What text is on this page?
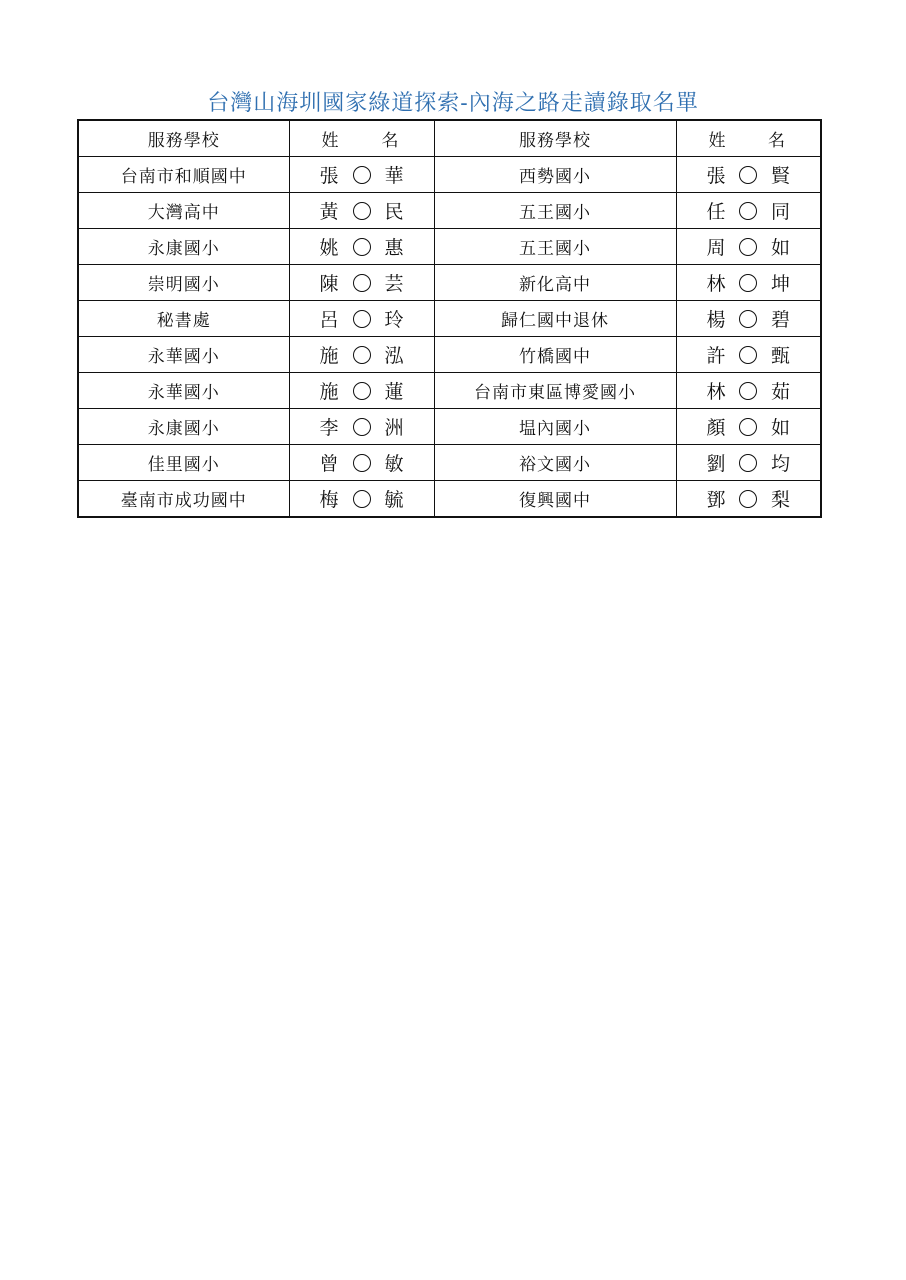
台灣山海圳國家綠道探索-內海之路走讀錄取名單
服務學校	姓 名	服務學校	姓 名

台南市和順國中	張 華	西勢國小	張 賢

大灣高中	黃 民	五王國小	任 同

永康國小	姚 惠	五王國小	周 如

崇明國小	陳 芸	新化高中	林 坤

秘書處	呂 玲	歸仁國中退休	楊 碧

永華國小	施 泓	竹橋國中	許 甄

永華國小	施 蓮	台南市東區博愛國小	林 茹

永康國小	李 洲	塭內國小	顏 如

佳里國小	曾 敏	裕文國小	劉 均

臺南市成功國中	梅 毓	復興國中	鄧 梨
